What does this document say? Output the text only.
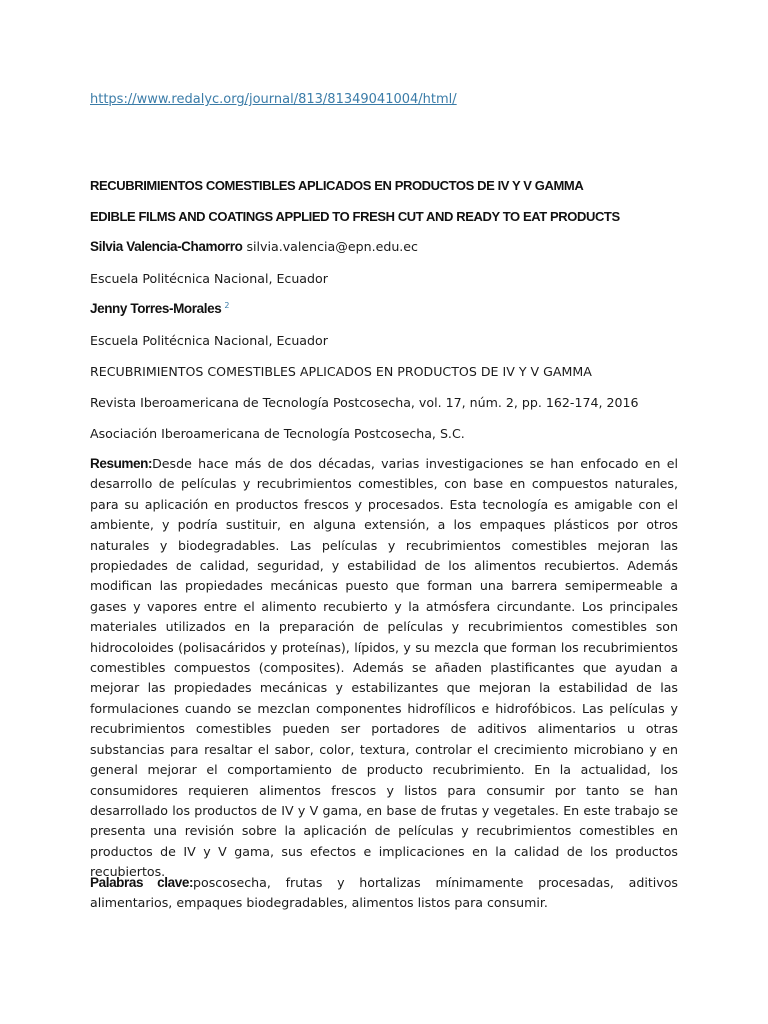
https://www.redalyc.org/journal/813/81349041004/html/
RECUBRIMIENTOS COMESTIBLES APLICADOS EN PRODUCTOS DE IV Y V GAMMA
EDIBLE FILMS AND COATINGS APPLIED TO FRESH CUT AND READY TO EAT PRODUCTS
Silvia Valencia-Chamorro silvia.valencia@epn.edu.ec
Escuela Politécnica Nacional, Ecuador
Jenny Torres-Morales $^2$
Escuela Politécnica Nacional, Ecuador
RECUBRIMIENTOS COMESTIBLES APLICADOS EN PRODUCTOS DE IV Y V GAMMA
Revista Iberoamericana de Tecnología Postcosecha, vol. 17, núm. 2, pp. 162-174, 2016
Asociación Iberoamericana de Tecnología Postcosecha, S.C.
Resumen:Desde hace más de dos décadas, varias investigaciones se han enfocado en el desarrollo de películas y recubrimientos comestibles, con base en compuestos naturales, para su aplicación en productos frescos y procesados. Esta tecnología es amigable con el ambiente, y podría sustituir, en alguna extensión, a los empaques plásticos por otros naturales y biodegradables. Las películas y recubrimientos comestibles mejoran las propiedades de calidad, seguridad, y estabilidad de los alimentos recubiertos. Además modifican las propiedades mecánicas puesto que forman una barrera semipermeable a gases y vapores entre el alimento recubierto y la atmósfera circundante. Los principales materiales utilizados en la preparación de películas y recubrimientos comestibles son hidrocoloides (polisacáridos y proteínas), lípidos, y su mezcla que forman los recubrimientos comestibles compuestos (composites). Además se añaden plastificantes que ayudan a mejorar las propiedades mecánicas y estabilizantes que mejoran la estabilidad de las formulaciones cuando se mezclan componentes hidrofílicos e hidrofóbicos. Las películas y recubrimientos comestibles pueden ser portadores de aditivos alimentarios u otras substancias para resaltar el sabor, color, textura, controlar el crecimiento microbiano y en general mejorar el comportamiento de producto recubrimiento. En la actualidad, los consumidores requieren alimentos frescos y listos para consumir por tanto se han desarrollado los productos de IV y V gama, en base de frutas y vegetales. En este trabajo se presenta una revisión sobre la aplicación de películas y recubrimientos comestibles en productos de IV y V gama, sus efectos e implicaciones en la calidad de los productos recubiertos.
Palabras clave:poscosecha, frutas y hortalizas mínimamente procesadas, aditivos alimentarios, empaques biodegradables, alimentos listos para consumir.
